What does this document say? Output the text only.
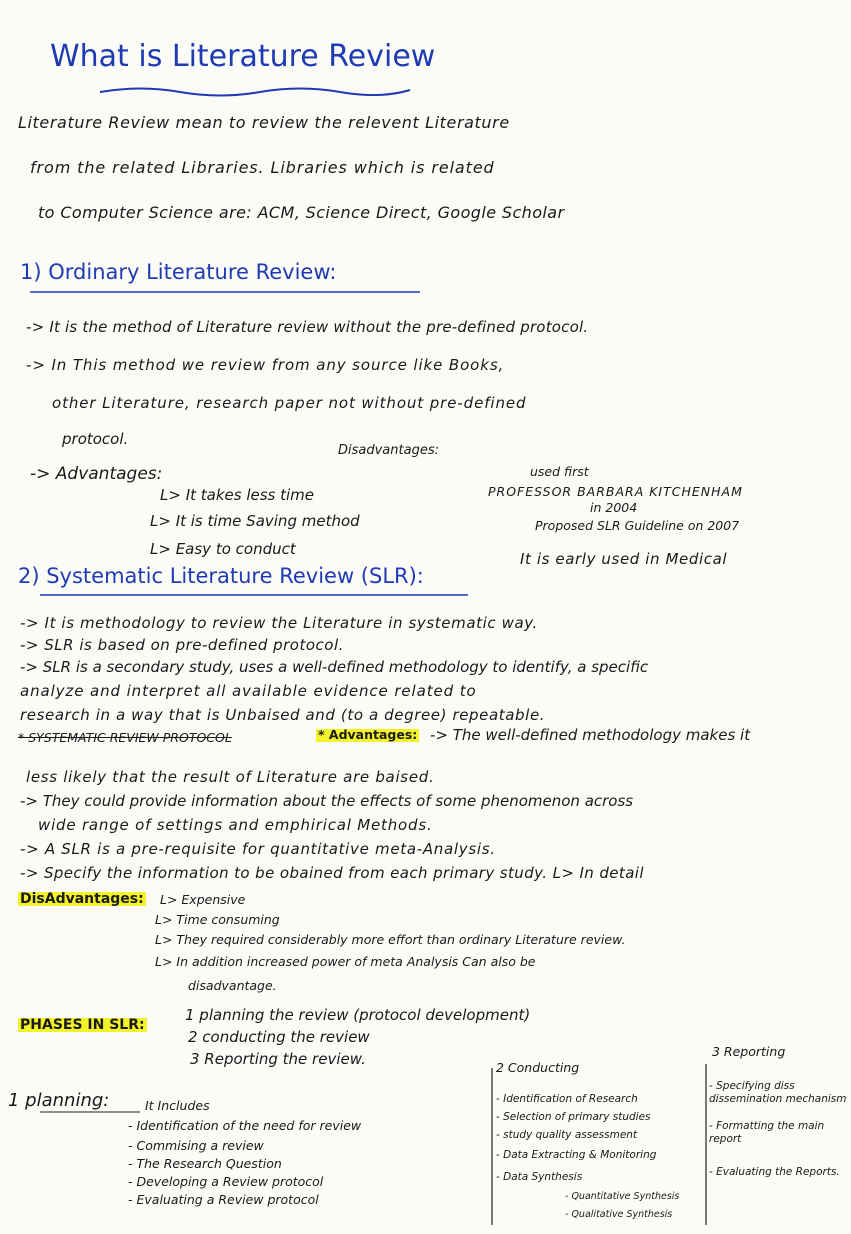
What is Literature Review
Literature Review mean to review the relevent Literature
from the related Libraries. Libraries which is related
to Computer Science are: ACM, Science Direct, Google Scholar
1) Ordinary Literature Review:
-> It is the method of Literature review without the pre-defined protocol.
-> In This method we review from any source like Books,
other Literature, research paper not without pre-defined
protocol.
-> Advantages:
Disadvantages:
L> It takes less time
L> It is time Saving method
L> Easy to conduct
used first
PROFESSOR BARBARA KITCHENHAM
in 2004
Proposed SLR Guideline on 2007
It is early used in Medical
2) Systematic Literature Review (SLR):
-> It is methodology to review the Literature in systematic way.
-> SLR is based on pre-defined protocol.
-> SLR is a secondary study, uses a well-defined methodology to identify, a specific
analyze and interpret all available evidence related to
research in a way that is Unbaised and (to a degree) repeatable.
* SYSTEMATIC REVIEW PROTOCOL	* Advantages: -> The well-defined methodology makes it
less likely that the result of Literature are baised.
-> They could provide information about the effects of some phenomenon across
wide range of settings and emphirical Methods.
-> A SLR is a pre-requisite for quantitative meta-Analysis.
-> Specify the information to be obained from each primary study. L> In detail
DisAdvantages: L> Expensive
L> Time consuming
L> They required considerably more effort than ordinary Literature review.
L> In addition increased power of meta Analysis Can also be
disadvantage.
PHASES IN SLR:
1 planning the review (protocol development)
2 conducting the review
3 Reporting the review.
1 planning:	It Includes
- Identification of the need for review
- Commising a review
- The Research Question
- Developing a Review protocol
- Evaluating a Review protocol
2 Conducting
- Identification of Research
- Selection of primary studies
- study quality assessment
- Data Extracting & Monitoring
- Data Synthesis
- Quantitative Synthesis
- Qualitative Synthesis
3 Reporting
- Specifying diss dissemination mechanism
- Formatting the main report
- Evaluating the Reports.
